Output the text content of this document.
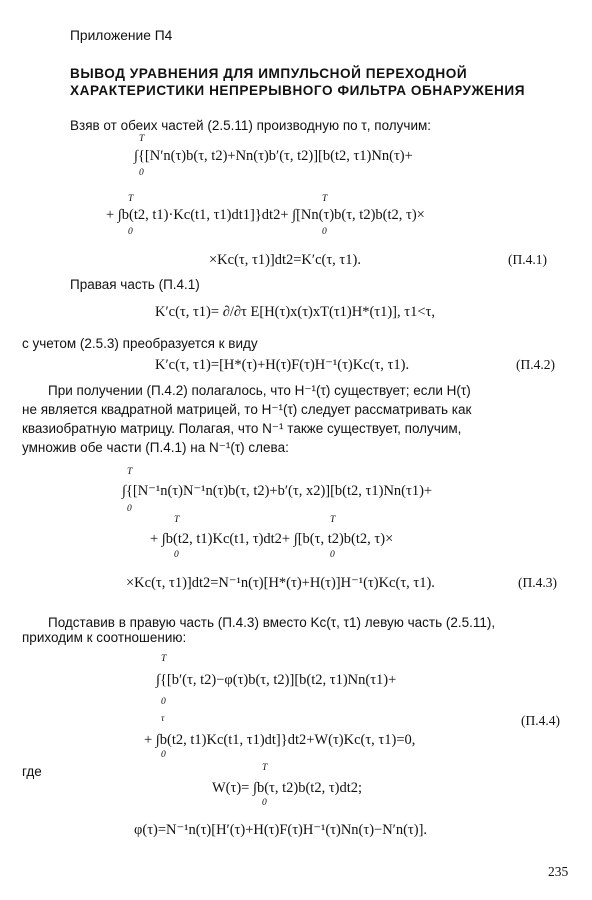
Приложение П4
ВЫВОД УРАВНЕНИЯ ДЛЯ ИМПУЛЬСНОЙ ПЕРЕХОДНОЙ
ХАРАКТЕРИСТИКИ НЕПРЕРЫВНОГО ФИЛЬТРА ОБНАРУЖЕНИЯ
Взяв от обеих частей (2.5.11) производную по τ, получим:
T
0
∫{[N′n(τ)b(τ, t2)+Nn(τ)b′(τ, t2)][b(t2, τ1)Nn(τ)+
T
0
T
0
+ ∫b(t2, t1)·Kc(t1, τ1)dt1]}dt2+ ∫[Nn(τ)b(τ, t2)b(t2, τ)×
×Kc(τ, τ1)]dt2=K′c(τ, τ1).	(П.4.1)
Правая часть (П.4.1)
K′c(τ, τ1)= ∂/∂τ E[H(τ)x(τ)xT(τ1)H*(τ1)], τ1<τ,
с учетом (2.5.3) преобразуется к виду
K′c(τ, τ1)=[H*(τ)+H(τ)F(τ)H⁻¹(τ)Kc(τ, τ1).	(П.4.2)
При получении (П.4.2) полагалось, что H⁻¹(τ) существует; если H(τ)
не является квадратной матрицей, то H⁻¹(τ) следует рассматривать как
квазиобратную матрицу. Полагая, что N⁻¹ также существует, получим,
умножив обе части (П.4.1) на N⁻¹(τ) слева:
T
0
∫{[N⁻¹n(τ)N⁻¹n(τ)b(τ, t2)+b′(τ, x2)][b(t2, τ1)Nn(τ1)+
T
0
T
0
+ ∫b(t2, t1)Kc(t1, τ)dt2+ ∫[b(τ, t2)b(t2, τ)×
×Kc(τ, τ1)]dt2=N⁻¹n(τ)[H*(τ)+H(τ)]H⁻¹(τ)Kc(τ, τ1).	(П.4.3)
Подставив в правую часть (П.4.3) вместо Kc(τ, τ1) левую часть (2.5.11),
приходим к соотношению:
T
0
∫{[b′(τ, t2)−φ(τ)b(τ, t2)][b(t2, τ1)Nn(τ1)+
τ
0
+ ∫b(t2, t1)Kc(t1, τ1)dt]}dt2+W(τ)Kc(τ, τ1)=0,
(П.4.4)
где	T
0
W(τ)= ∫b(τ, t2)b(t2, τ)dt2;
φ(τ)=N⁻¹n(τ)[H′(τ)+H(τ)F(τ)H⁻¹(τ)Nn(τ)−N′n(τ)].
235
